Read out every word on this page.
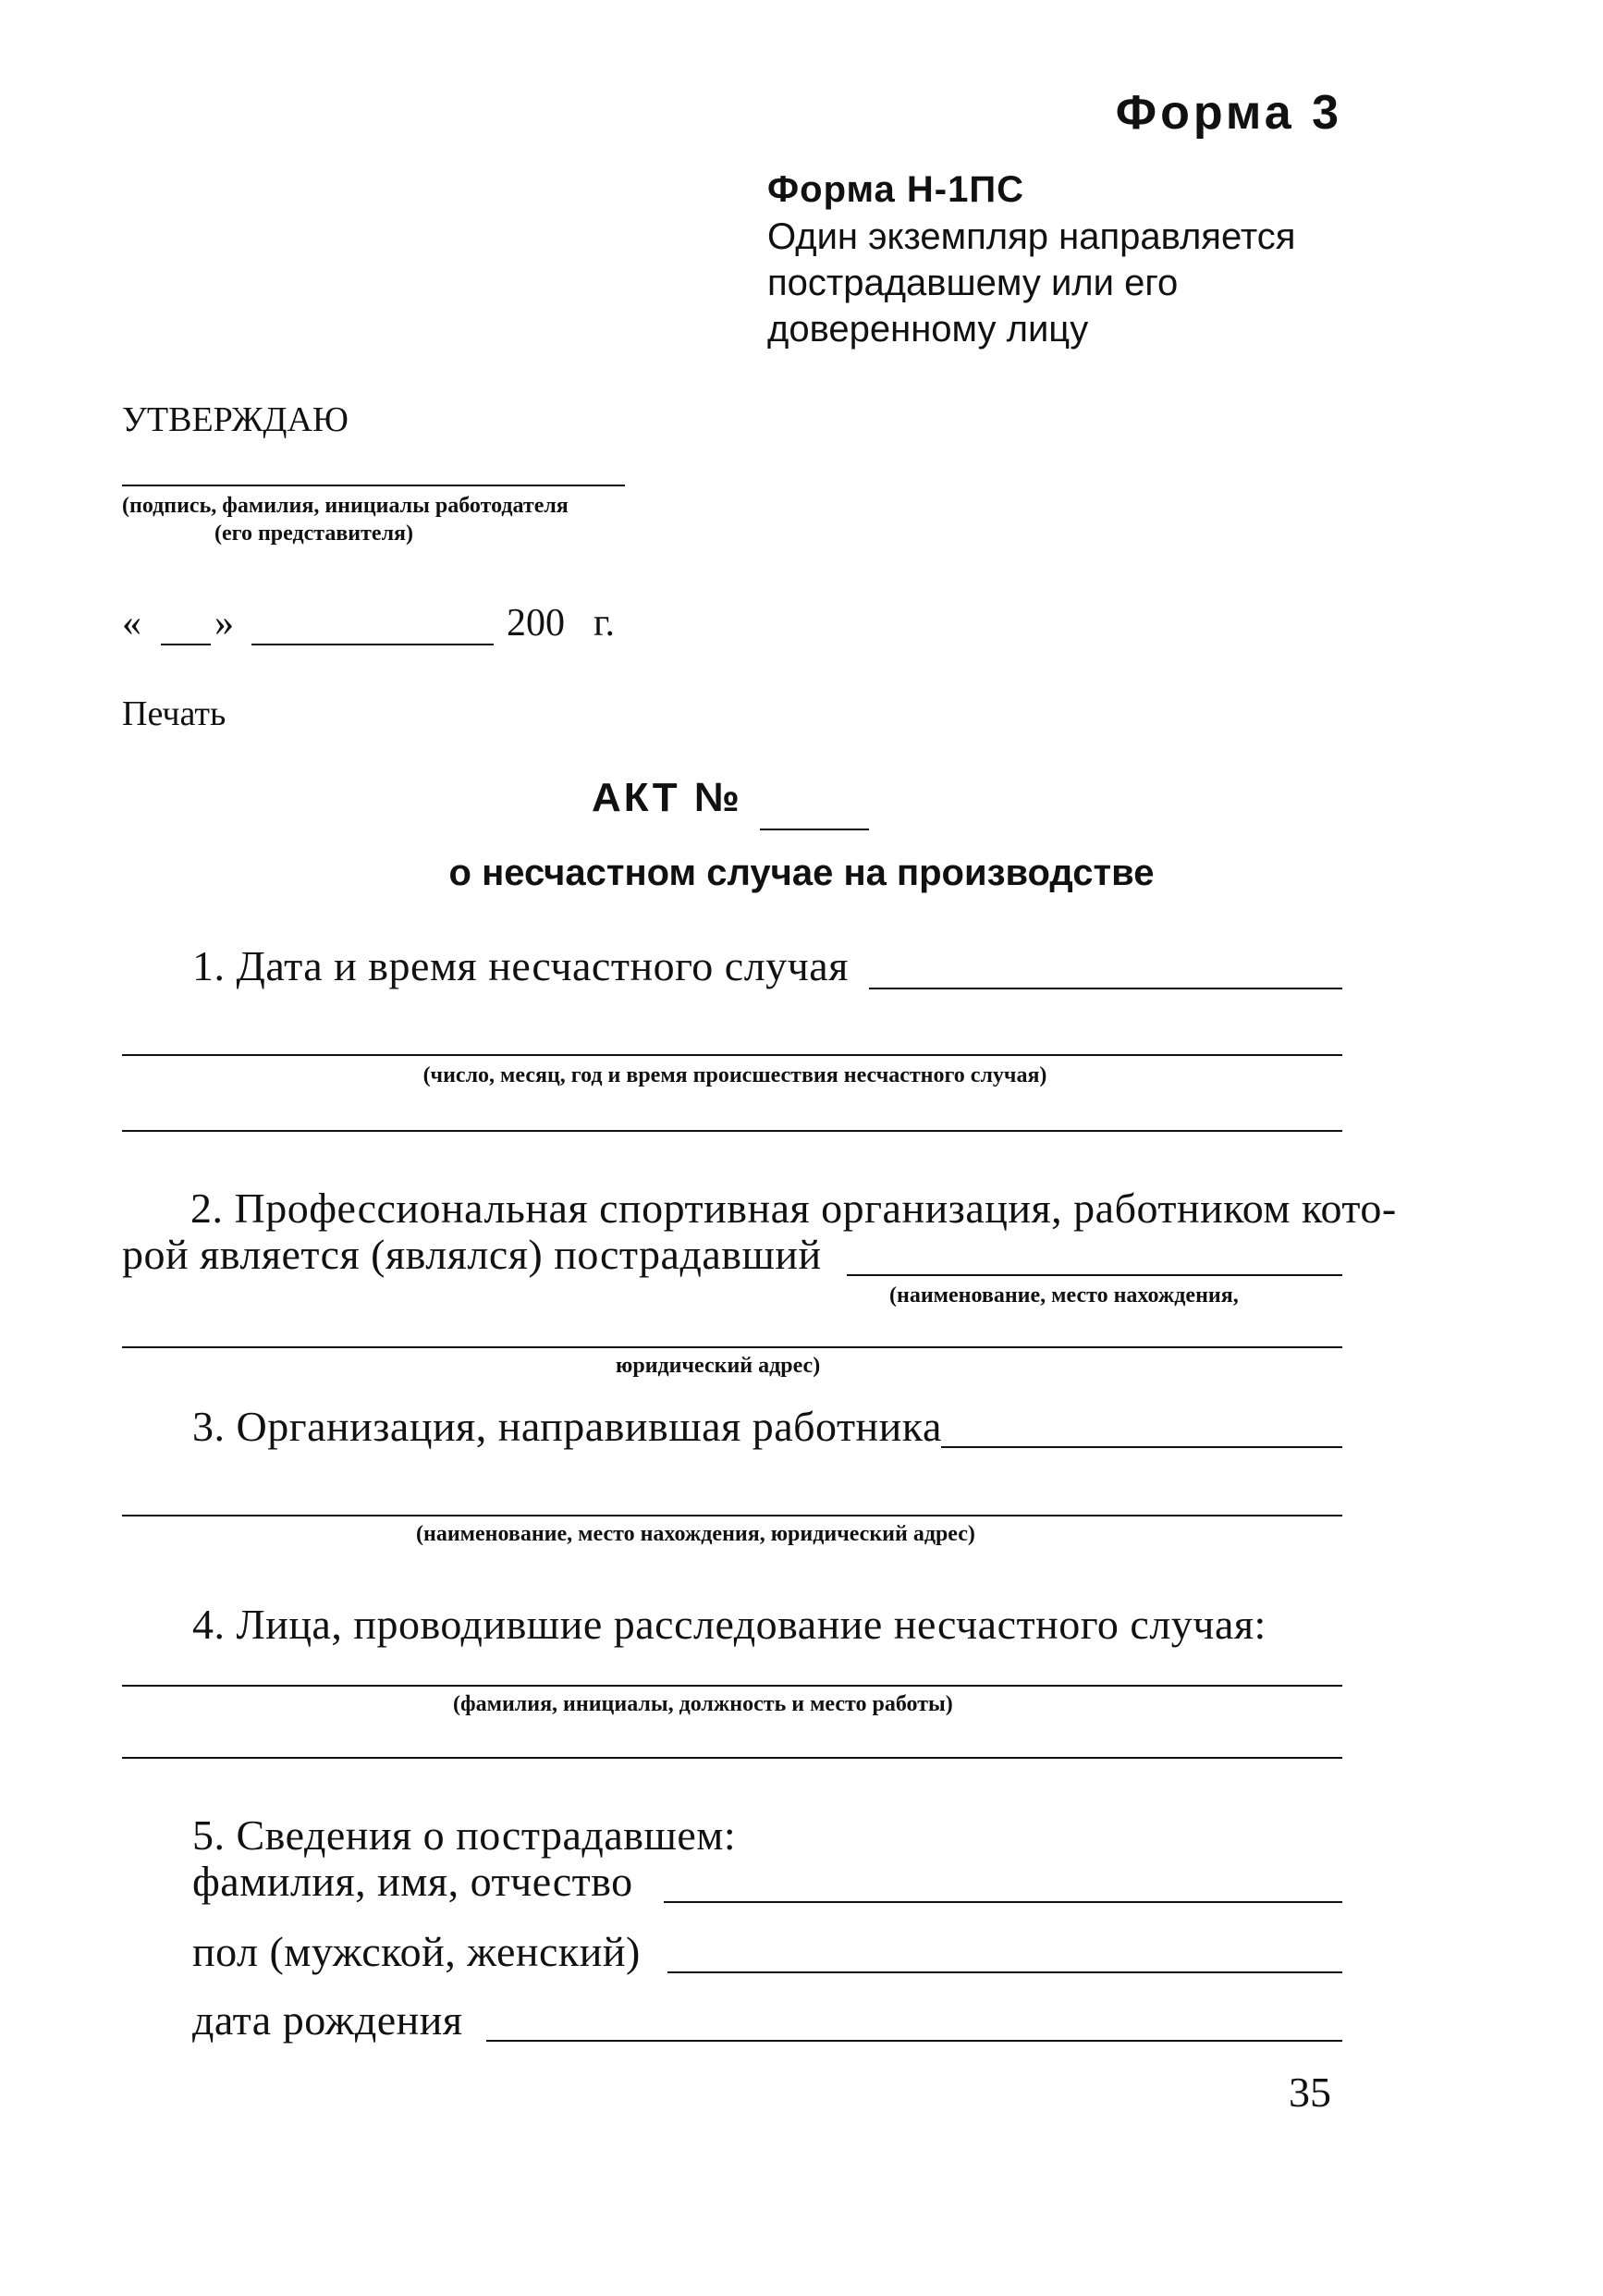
Форма 3
Форма Н-1ПС
Один экземпляр направляется
пострадавшему или его
доверенному лицу
УТВЕРЖДАЮ
(подпись, фамилия, инициалы работодателя
(его представителя)
« »	200 г.
Печать
АКТ №
о несчастном случае на производстве
1. Дата и время несчастного случая
(число, месяц, год и время происшествия несчастного случая)
2. Профессиональная спортивная организация, работником кото-
рой является (являлся) пострадавший
(наименование, место нахождения,
юридический адрес)
3. Организация, направившая работника
(наименование, место нахождения, юридический адрес)
4. Лица, проводившие расследование несчастного случая:
(фамилия, инициалы, должность и место работы)
5. Сведения о пострадавшем:
фамилия, имя, отчество
пол (мужской, женский)
дата рождения
35
